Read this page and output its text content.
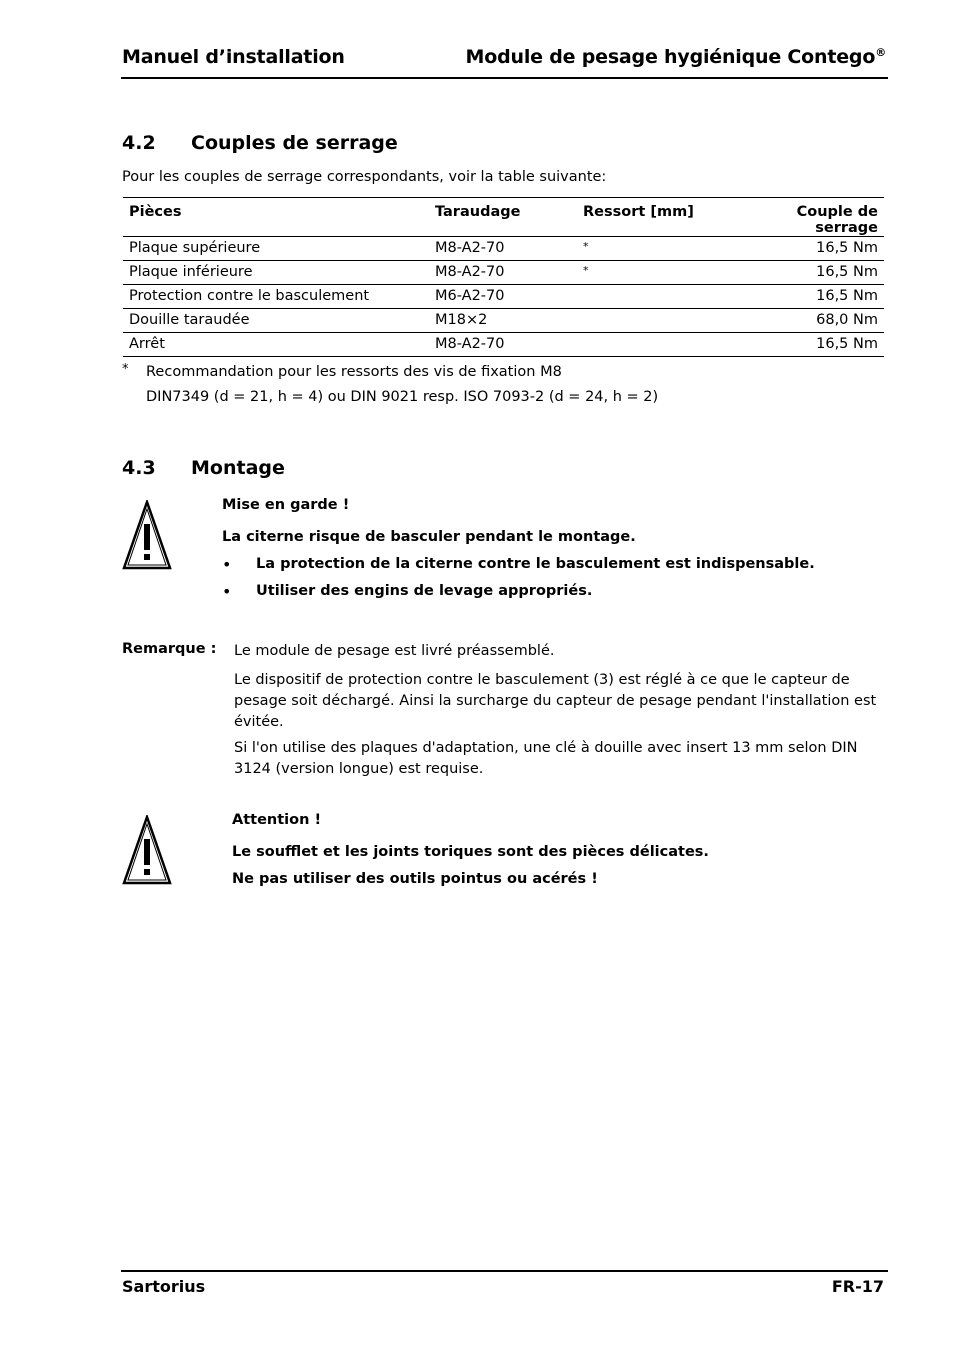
Manuel d’installation	Module de pesage hygiénique Contego®
4.2 Couples de serrage
Pour les couples de serrage correspondants, voir la table suivante:
Pièces	Taraudage	Ressort [mm]	Couple de serrage
Plaque supérieure	M8-A2-70	*	16,5 Nm
Plaque inférieure	M8-A2-70	*	16,5 Nm
Protection contre le basculement	M6-A2-70		16,5 Nm
Douille taraudée	M18×2		68,0 Nm
Arrêt	M8-A2-70		16,5 Nm
* Recommandation pour les ressorts des vis de fixation M8
DIN7349 (d = 21, h = 4) ou DIN 9021 resp. ISO 7093-2 (d = 24, h = 2)
4.3 Montage
Mise en garde !
La citerne risque de basculer pendant le montage.
•
La protection de la citerne contre le basculement est indispensable.
•
Utiliser des engins de levage appropriés.
Remarque : Le module de pesage est livré préassemblé.
Le dispositif de protection contre le basculement (3) est réglé à ce que le capteur de pesage soit déchargé. Ainsi la surcharge du capteur de pesage pendant l'installation est évitée.
Si l'on utilise des plaques d'adaptation, une clé à douille avec insert 13 mm selon DIN 3124 (version longue) est requise.
Attention !
Le soufflet et les joints toriques sont des pièces délicates.
Ne pas utiliser des outils pointus ou acérés !
Sartorius	FR-17
